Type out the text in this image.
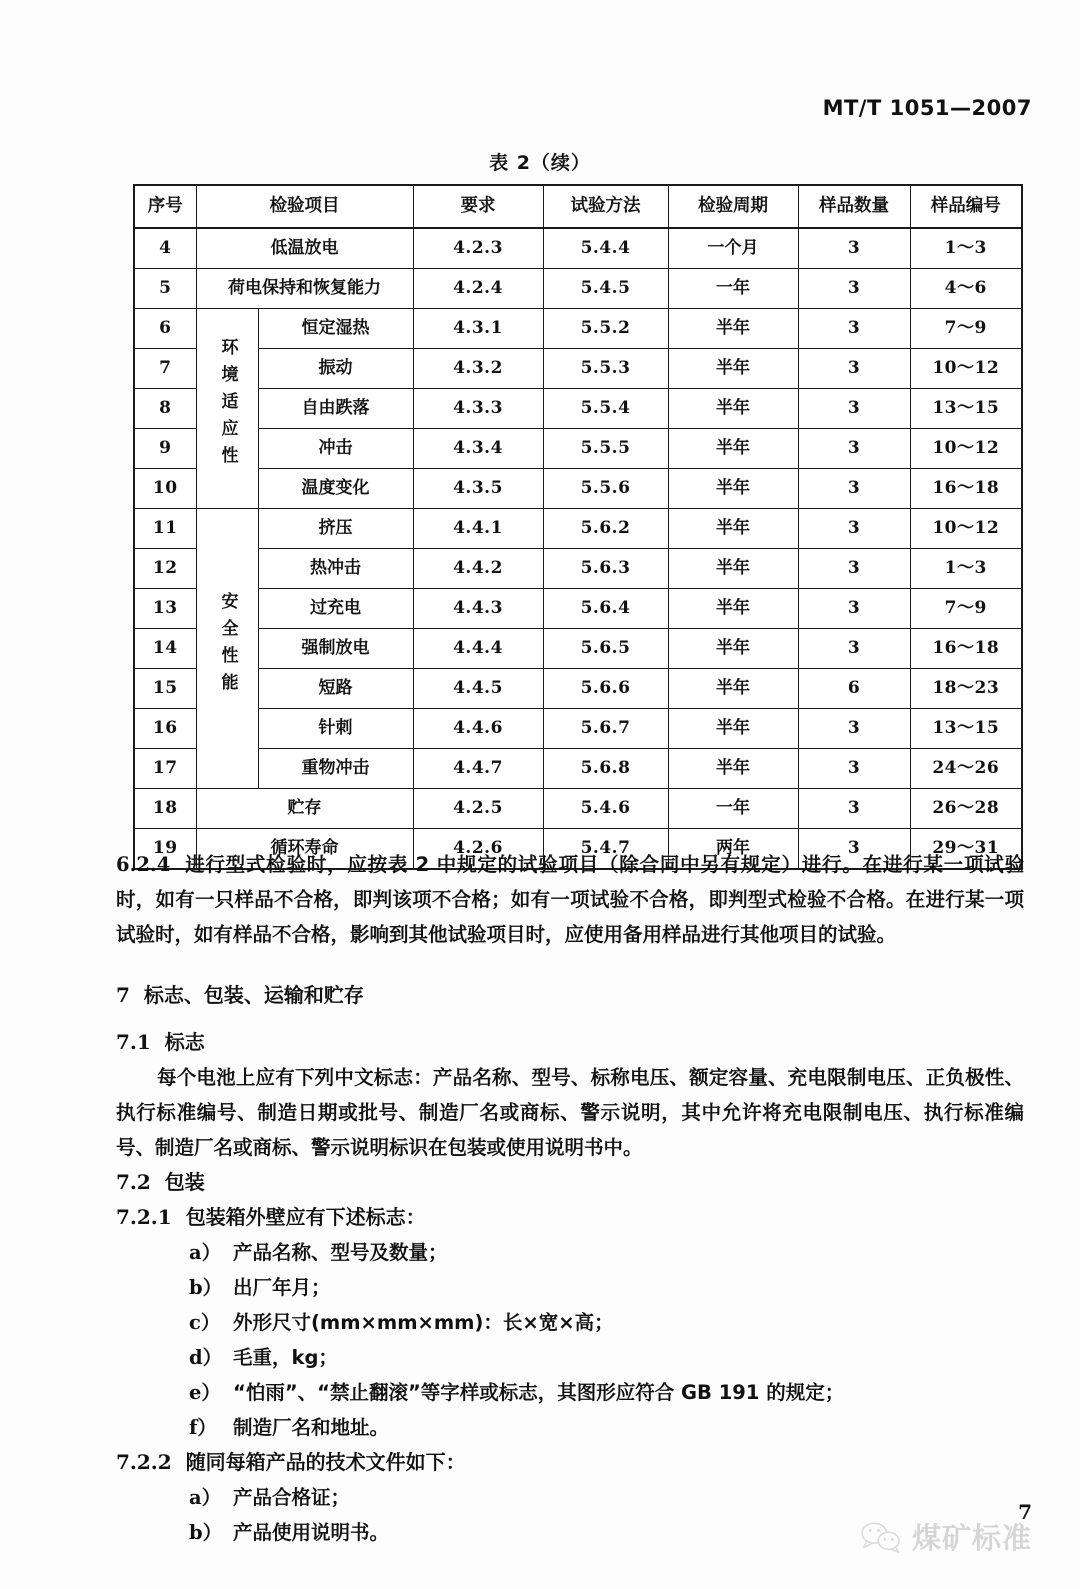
MT/T 1051—2007
表 2（续）
序号	检验项目		要求	试验方法	检验周期	样品数量	样品编号
4	低温放电		4.2.3	5.4.4	一个月	3	1～3
5	荷电保持和恢复能力		4.2.4	5.4.5	一年	3	4～6
6	环境适应性	恒定湿热	4.3.1	5.5.2	半年	3	7～9
7		振动	4.3.2	5.5.3	半年	3	10～12
8		自由跌落	4.3.3	5.5.4	半年	3	13～15
9		冲击	4.3.4	5.5.5	半年	3	10～12
10		温度变化	4.3.5	5.5.6	半年	3	16～18
11	安全性能	挤压	4.4.1	5.6.2	半年	3	10～12
12		热冲击	4.4.2	5.6.3	半年	3	1～3
13		过充电	4.4.3	5.6.4	半年	3	7～9
14		强制放电	4.4.4	5.6.5	半年	3	16～18
15		短路	4.4.5	5.6.6	半年	6	18～23
16		针刺	4.4.6	5.6.7	半年	3	13～15
17		重物冲击	4.4.7	5.6.8	半年	3	24～26
18	贮存		4.2.5	5.4.6	一年	3	26～28
19	循环寿命		4.2.6	5.4.7	两年	3	29～31

6.2.4 进行型式检验时，应按表 2 中规定的试验项目（除合同中另有规定）进行。在进行某一项试验时，如有一只样品不合格，即判该项不合格；如有一项试验不合格，即判型式检验不合格。在进行某一项试验时，如有样品不合格，影响到其他试验项目时，应使用备用样品进行其他项目的试验。

7 标志、包装、运输和贮存

7.1 标志

每个电池上应有下列中文标志：产品名称、型号、标称电压、额定容量、充电限制电压、正负极性、执行标准编号、制造日期或批号、制造厂名或商标、警示说明，其中允许将充电限制电压、执行标准编号、制造厂名或商标、警示说明标识在包装或使用说明书中。

7.2 包装

7.2.1 包装箱外壁应有下述标志：

a） 产品名称、型号及数量；

b） 出厂年月；

c） 外形尺寸(mm×mm×mm)：长×宽×高；

d） 毛重，kg；

e） “怕雨”、“禁止翻滚”等字样或标志，其图形应符合 GB 191 的规定；

f） 制造厂名和地址。

7.2.2 随同每箱产品的技术文件如下：

a） 产品合格证；

b） 产品使用说明书。

7
煤矿标准
